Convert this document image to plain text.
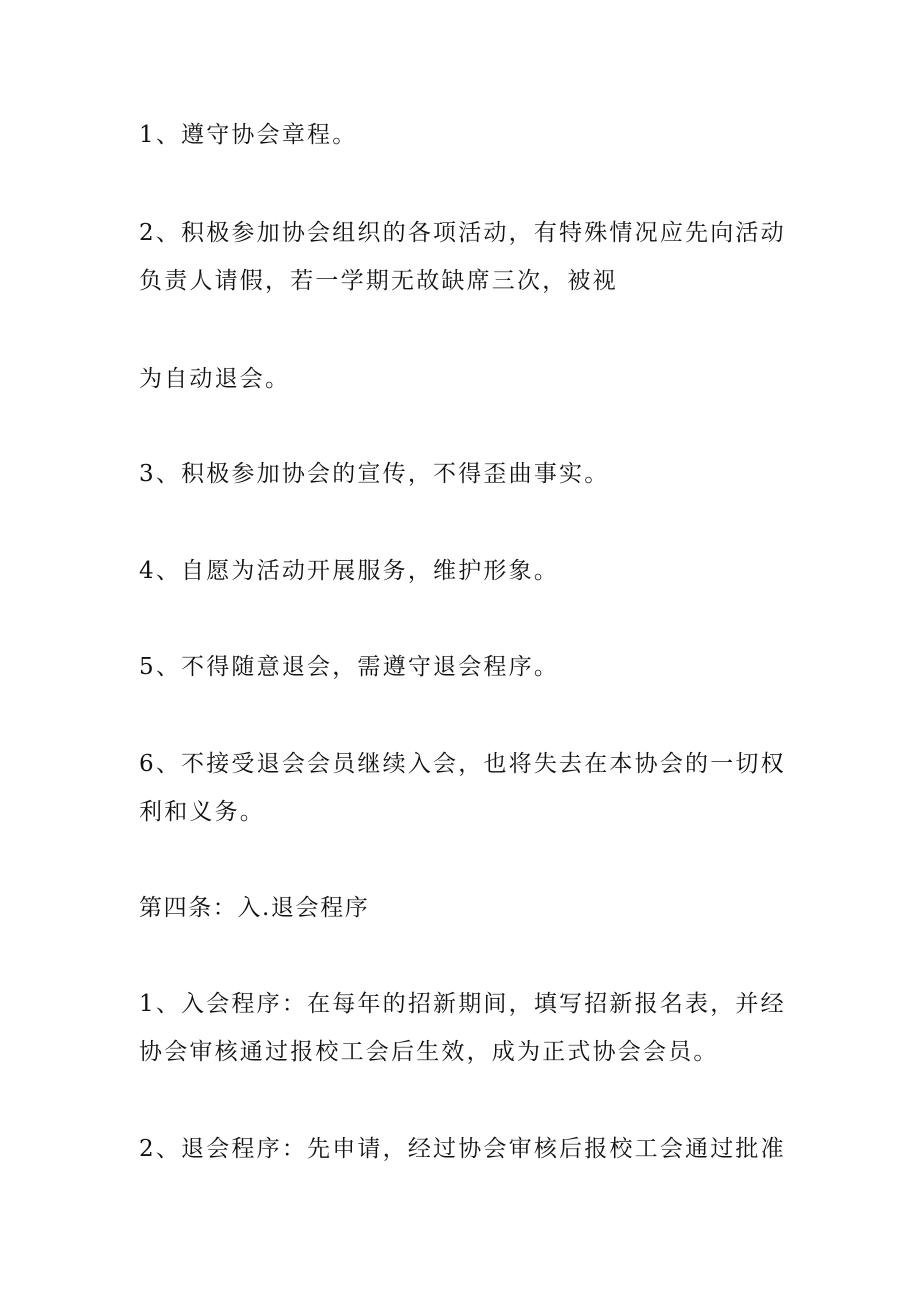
1、遵守协会章程。
2、积极参加协会组织的各项活动，有特殊情况应先向活动
负责人请假，若一学期无故缺席三次，被视
为自动退会。
3、积极参加协会的宣传，不得歪曲事实。
4、自愿为活动开展服务，维护形象。
5、不得随意退会，需遵守退会程序。
6、不接受退会会员继续入会，也将失去在本协会的一切权
利和义务。
第四条：入.退会程序
1、入会程序：在每年的招新期间，填写招新报名表，并经
协会审核通过报校工会后生效，成为正式协会会员。
2、退会程序：先申请，经过协会审核后报校工会通过批准
